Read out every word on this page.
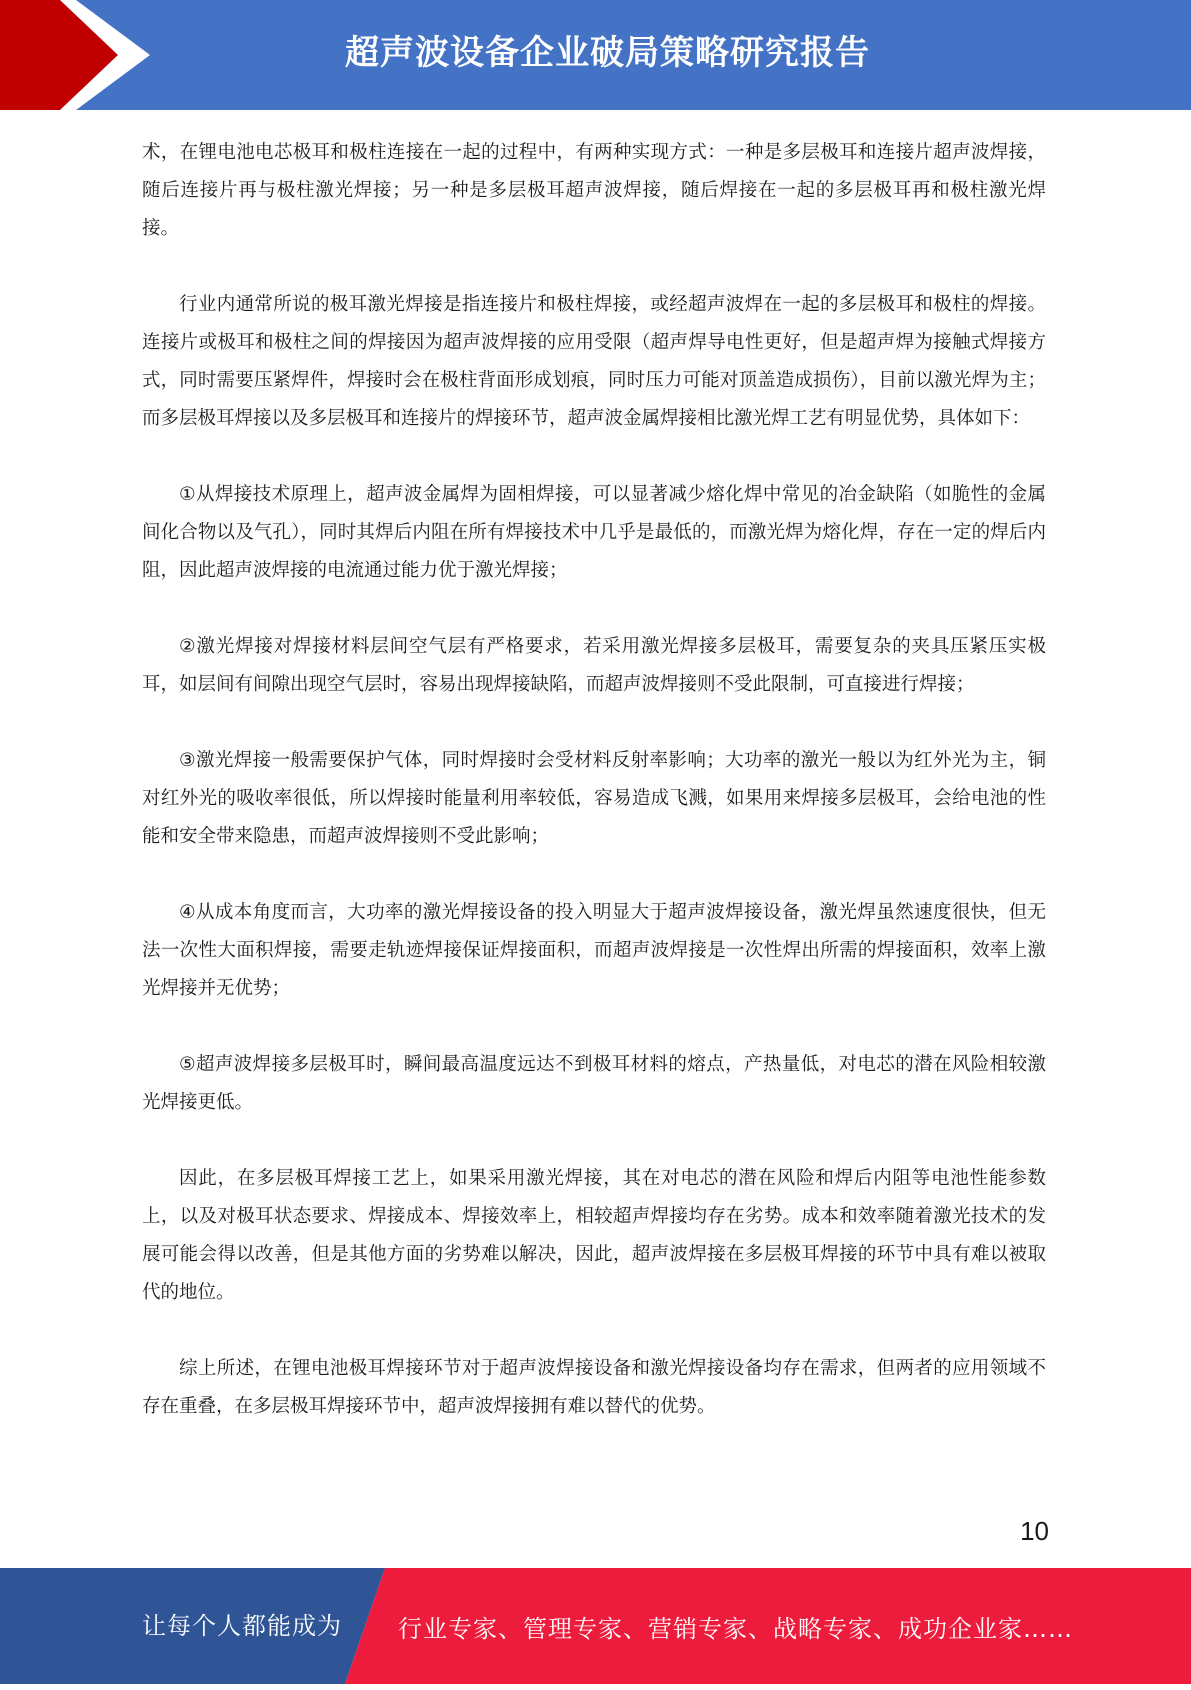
超声波设备企业破局策略研究报告

术，在锂电池电芯极耳和极柱连接在一起的过程中，有两种实现方式：一种是多层极耳和连接片超声波焊接，随后连接片再与极柱激光焊接；另一种是多层极耳超声波焊接，随后焊接在一起的多层极耳再和极柱激光焊接。

行业内通常所说的极耳激光焊接是指连接片和极柱焊接，或经超声波焊在一起的多层极耳和极柱的焊接。连接片或极耳和极柱之间的焊接因为超声波焊接的应用受限（超声焊导电性更好，但是超声焊为接触式焊接方式，同时需要压紧焊件，焊接时会在极柱背面形成划痕，同时压力可能对顶盖造成损伤），目前以激光焊为主；而多层极耳焊接以及多层极耳和连接片的焊接环节，超声波金属焊接相比激光焊工艺有明显优势，具体如下：

①从焊接技术原理上，超声波金属焊为固相焊接，可以显著减少熔化焊中常见的冶金缺陷（如脆性的金属间化合物以及气孔），同时其焊后内阻在所有焊接技术中几乎是最低的，而激光焊为熔化焊，存在一定的焊后内阻，因此超声波焊接的电流通过能力优于激光焊接；

②激光焊接对焊接材料层间空气层有严格要求，若采用激光焊接多层极耳，需要复杂的夹具压紧压实极耳，如层间有间隙出现空气层时，容易出现焊接缺陷，而超声波焊接则不受此限制，可直接进行焊接；

③激光焊接一般需要保护气体，同时焊接时会受材料反射率影响；大功率的激光一般以为红外光为主，铜对红外光的吸收率很低，所以焊接时能量利用率较低，容易造成飞溅，如果用来焊接多层极耳，会给电池的性能和安全带来隐患，而超声波焊接则不受此影响；

④从成本角度而言，大功率的激光焊接设备的投入明显大于超声波焊接设备，激光焊虽然速度很快，但无法一次性大面积焊接，需要走轨迹焊接保证焊接面积，而超声波焊接是一次性焊出所需的焊接面积，效率上激光焊接并无优势；

⑤超声波焊接多层极耳时，瞬间最高温度远达不到极耳材料的熔点，产热量低，对电芯的潜在风险相较激光焊接更低。

因此，在多层极耳焊接工艺上，如果采用激光焊接，其在对电芯的潜在风险和焊后内阻等电池性能参数上，以及对极耳状态要求、焊接成本、焊接效率上，相较超声焊接均存在劣势。成本和效率随着激光技术的发展可能会得以改善，但是其他方面的劣势难以解决，因此，超声波焊接在多层极耳焊接的环节中具有难以被取代的地位。

综上所述，在锂电池极耳焊接环节对于超声波焊接设备和激光焊接设备均存在需求，但两者的应用领域不存在重叠，在多层极耳焊接环节中，超声波焊接拥有难以替代的优势。

10
让每个人都能成为 行业专家、管理专家、营销专家、战略专家、成功企业家……
